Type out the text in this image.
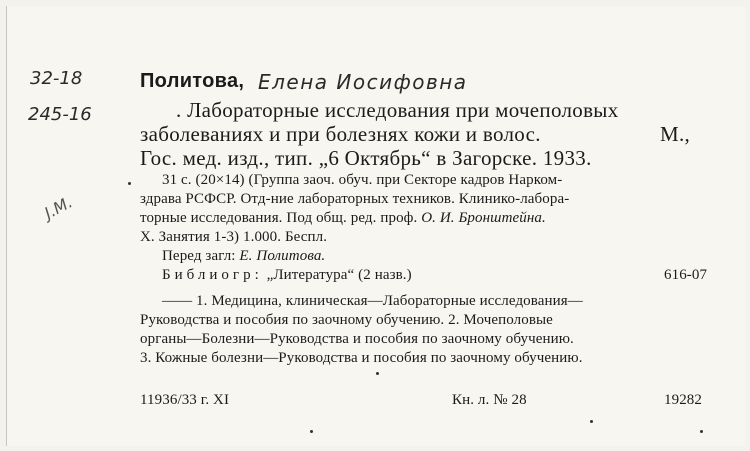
32-18
245-16
J.M.
Политова, Елена Иосифовна
. Лабораторные исследования при мочеполовых
заболеваниях и при болезнях кожи и волос.	М.,
Гос. мед. изд., тип. „6 Октябрь“ в Загорске. 1933.
31 с. (20×14) (Группа заоч. обуч. при Секторе кадров Нарком-
здрава РСФСР. Отд-ние лабораторных техников. Клинико-лабора-
торные исследования. Под общ. ред. проф. О. И. Бронштейна.
Х. Занятия 1-3) 1.000. Беспл.
Перед загл: Е. Политова.
Библиогр: „Литература“ (2 назв.)	616-07
—— 1. Медицина, клиническая—Лабораторные исследования—
Руководства и пособия по заочному обучению. 2. Мочеполовые
органы—Болезни—Руководства и пособия по заочному обучению.
3. Кожные болезни—Руководства и пособия по заочному обучению.
11936/33 г. XI	Кн. л. № 28	19282
